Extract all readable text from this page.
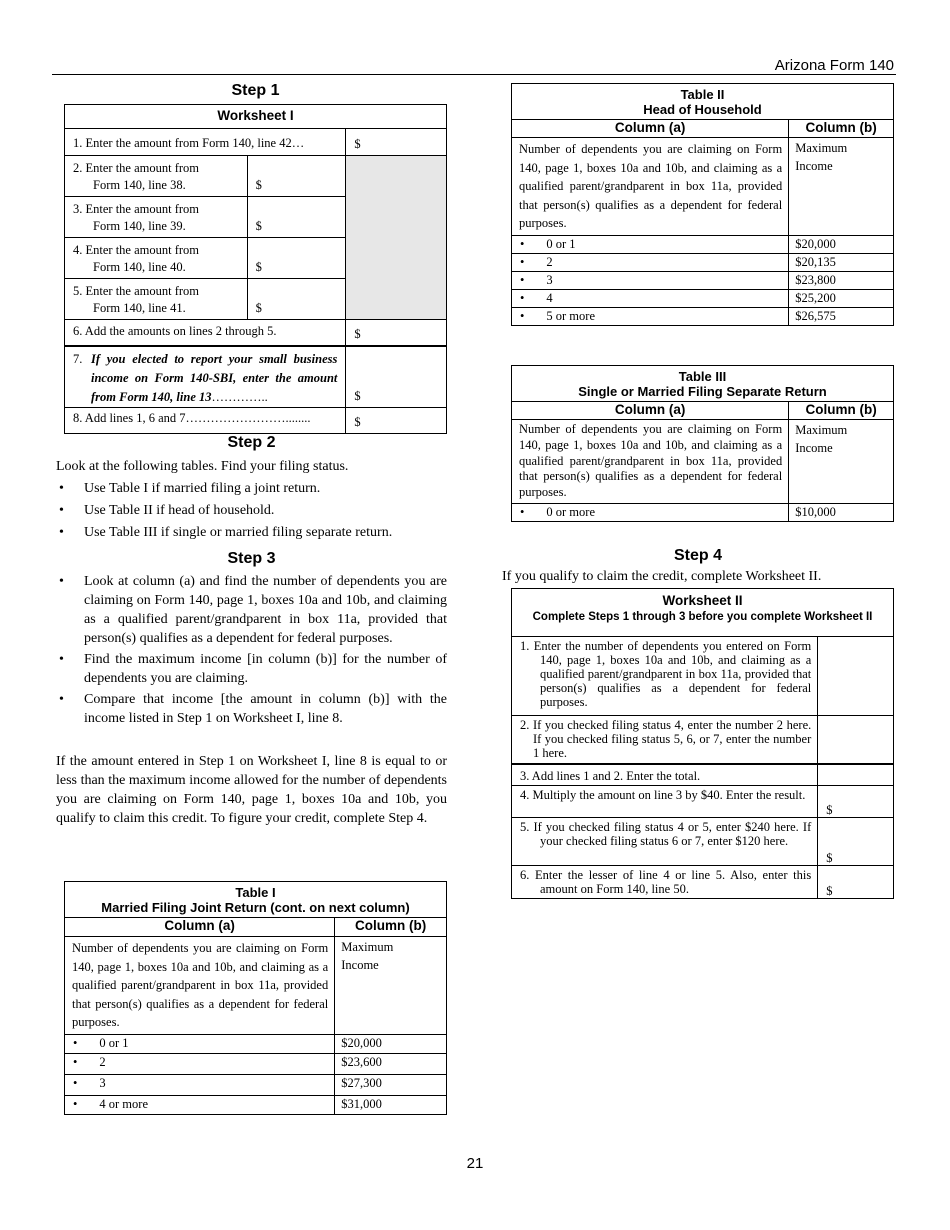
Arizona Form 140
Step 1
Worksheet I		
1. Enter the amount from Form 140, line 42…		$

2. Enter the amount from
Form 140, line 38.	$	

3. Enter the amount from
Form 140, line 39.	$	

4. Enter the amount from
Form 140, line 40.	$	

5. Enter the amount from
Form 140, line 41.	$	
6. Add the amounts on lines 2 through 5.		$

7. If you elected to report your small business income on Form 140-SBI, enter the amount from Form 140, line 13…………..		$
8. Add lines 1, 6 and 7……………………........		$
Step 2
Look at the following tables. Find your filing status.
• Use Table I if married filing a joint return.
• Use Table II if head of household.
• Use Table III if single or married filing separate return.
Step 3
• Look at column (a) and find the number of dependents you are claiming on Form 140, page 1, boxes 10a and 10b, and claiming as a qualified parent/grandparent in box 11a, provided that person(s) qualifies as a dependent for federal purposes.
• Find the maximum income [in column (b)] for the number of dependents you are claiming.
• Compare that income [the amount in column (b)] with the income listed in Step 1 on Worksheet I, line 8.
If the amount entered in Step 1 on Worksheet I, line 8 is equal to or less than the maximum income allowed for the number of dependents you are claiming on Form 140, page 1, boxes 10a and 10b, you qualify to claim this credit. To figure your credit, complete Step 4.
Table I
Married Filing Joint Return (cont. on next column)	

Column (a)	Column (b)
Number of dependents you are claiming on Form 140, page 1, boxes 10a and 10b, and claiming as a qualified parent/grandparent in box 11a, provided that person(s) qualifies as a dependent for federal purposes.	Maximum
Income

• 0 or 1	$20,000
• 2	$23,600
• 3	$27,300
• 4 or more	$31,000
Table II
Head of Household	

Column (a)	Column (b)
Number of dependents you are claiming on Form 140, page 1, boxes 10a and 10b, and claiming as a qualified parent/grandparent in box 11a, provided that person(s) qualifies as a dependent for federal purposes.	Maximum
Income

• 0 or 1	$20,000
• 2	$20,135
• 3	$23,800
• 4	$25,200
• 5 or more	$26,575
Table III
Single or Married Filing Separate Return	

Column (a)	Column (b)
Number of dependents you are claiming on Form 140, page 1, boxes 10a and 10b, and claiming as a qualified parent/grandparent in box 11a, provided that person(s) qualifies as a dependent for federal purposes.	Maximum
Income

• 0 or more	$10,000
Step 4
If you qualify to claim the credit, complete Worksheet II.
Worksheet II
Complete Steps 1 through 3 before you complete Worksheet II	

1. Enter the number of dependents you entered on Form 140, page 1, boxes 10a and 10b, and claiming as a qualified parent/grandparent in box 11a, provided that person(s) qualifies as a dependent for federal purposes.	
2. If you checked filing status 4, enter the number 2 here. If you checked filing status 5, 6, or 7, enter the number 1 here.	
3. Add lines 1 and 2. Enter the total.	
4. Multiply the amount on line 3 by $40. Enter the result.	$
5. If you checked filing status 4 or 5, enter $240 here. If your checked filing status 6 or 7, enter $120 here.	$
6. Enter the lesser of line 4 or line 5. Also, enter this amount on Form 140, line 50.	$
21
